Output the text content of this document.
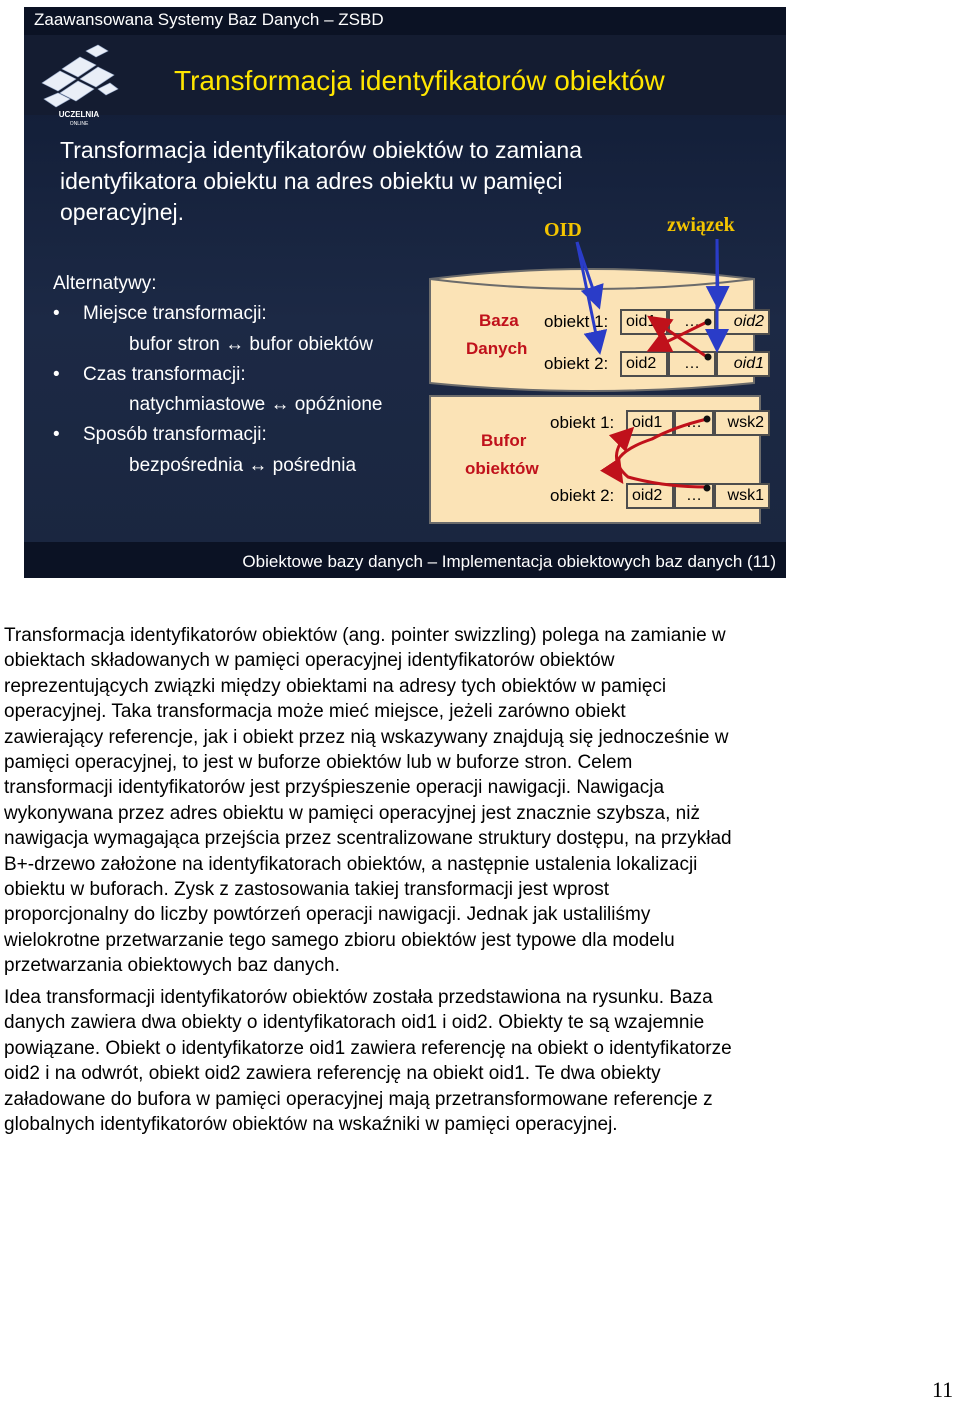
Zaawansowana Systemy Baz Danych – ZSBD
UCZELNIA
ONLINE
Transformacja identyfikatorów obiektów
Transformacja identyfikatorów obiektów to zamiana
identyfikatora obiektu na adres obiektu w pamięci
operacyjnej.
OID	związek
Alternatywy:
• Miejsce transformacji:
bufor stron ↔ bufor obiektów
• Czas transformacji:
natychmiastowe ↔ opóźnione
• Sposób transformacji:
bezpośrednia ↔ pośrednia
Baza
Danych
Bufor
obiektów
obiekt 1:	oid1	…	oid2
obiekt 2:	oid2	…	oid1
obiekt 1:	oid1	…	wsk2
obiekt 2:	oid2	…	wsk1
Obiektowe bazy danych – Implementacja obiektowych baz danych (11)
Transformacja identyfikatorów obiektów (ang. pointer swizzling) polega na zamianie w
obiektach składowanych w pamięci operacyjnej identyfikatorów obiektów
reprezentujących związki między obiektami na adresy tych obiektów w pamięci
operacyjnej. Taka transformacja może mieć miejsce, jeżeli zarówno obiekt
zawierający referencje, jak i obiekt przez nią wskazywany znajdują się jednocześnie w
pamięci operacyjnej, to jest w buforze obiektów lub w buforze stron. Celem
transformacji identyfikatorów jest przyśpieszenie operacji nawigacji. Nawigacja
wykonywana przez adres obiektu w pamięci operacyjnej jest znacznie szybsza, niż
nawigacja wymagająca przejścia przez scentralizowane struktury dostępu, na przykład
B+-drzewo założone na identyfikatorach obiektów, a następnie ustalenia lokalizacji
obiektu w buforach. Zysk z zastosowania takiej transformacji jest wprost
proporcjonalny do liczby powtórzeń operacji nawigacji. Jednak jak ustaliliśmy
wielokrotne przetwarzanie tego samego zbioru obiektów jest typowe dla modelu
przetwarzania obiektowych baz danych.
Idea transformacji identyfikatorów obiektów została przedstawiona na rysunku. Baza
danych zawiera dwa obiekty o identyfikatorach oid1 i oid2. Obiekty te są wzajemnie
powiązane. Obiekt o identyfikatorze oid1 zawiera referencję na obiekt o identyfikatorze
oid2 i na odwrót, obiekt oid2 zawiera referencję na obiekt oid1. Te dwa obiekty
załadowane do bufora w pamięci operacyjnej mają przetransformowane referencje z
globalnych identyfikatorów obiektów na wskaźniki w pamięci operacyjnej.
11
